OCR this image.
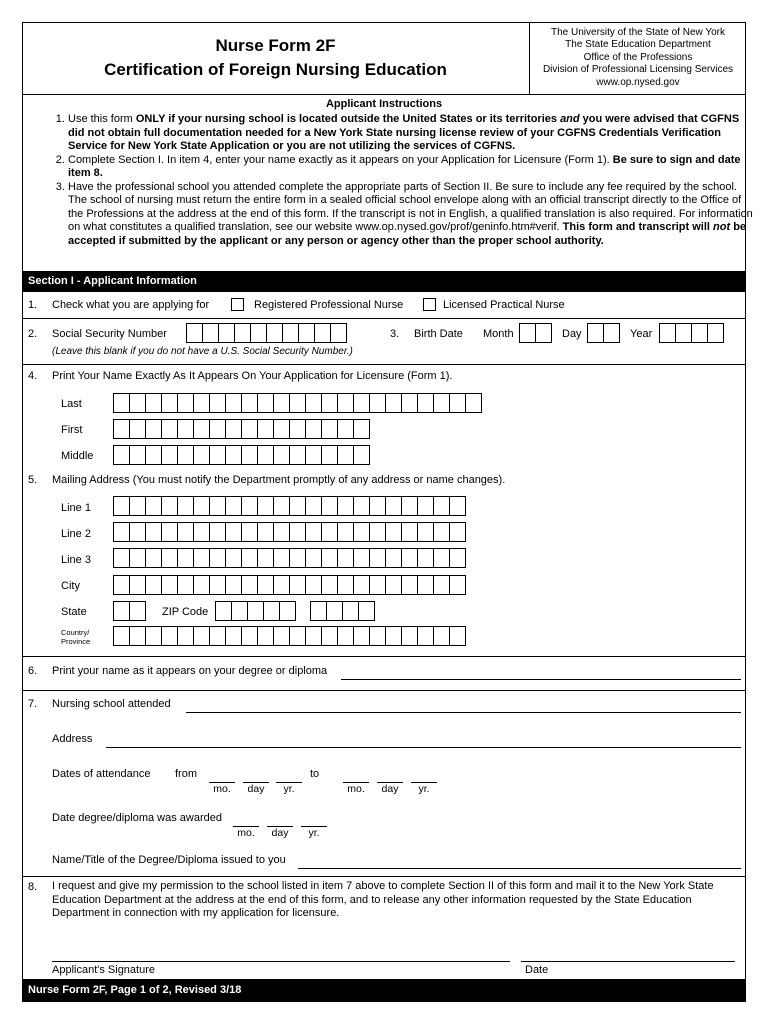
Nurse Form 2F
Certification of Foreign Nursing Education
The University of the State of New York
The State Education Department
Office of the Professions
Division of Professional Licensing Services
www.op.nysed.gov
Applicant Instructions
1. Use this form ONLY if your nursing school is located outside the United States or its territories and you were advised that CGFNS did not obtain full documentation needed for a New York State nursing license review of your CGFNS Credentials Verification Service for New York State Application or you are not utilizing the services of CGFNS.
2. Complete Section I. In item 4, enter your name exactly as it appears on your Application for Licensure (Form 1). Be sure to sign and date item 8.
3. Have the professional school you attended complete the appropriate parts of Section II. Be sure to include any fee required by the school. The school of nursing must return the entire form in a sealed official school envelope along with an official transcript directly to the Office of the Professions at the address at the end of this form. If the transcript is not in English, a qualified translation is also required. For information on what constitutes a qualified translation, see our website www.op.nysed.gov/prof/geninfo.htm#verif. This form and transcript will not be accepted if submitted by the applicant or any person or agency other than the proper school authority.
Section I - Applicant Information
1. Check what you are applying for	Registered Professional Nurse	Licensed Practical Nurse
2. Social Security Number
(Leave this blank if you do not have a U.S. Social Security Number.)
3. Birth Date Month	Day	Year
4. Print Your Name Exactly As It Appears On Your Application for Licensure (Form 1).
Last
First
Middle
5. Mailing Address (You must notify the Department promptly of any address or name changes).
Line 1
Line 2
Line 3
City
State	ZIP Code
Country/
Province
6. Print your name as it appears on your degree or diploma
7. Nursing school attended
Address
Dates of attendance from
mo.	day	yr.
to
mo.	day	yr.
Date degree/diploma was awarded
mo.	day	yr.
Name/Title of the Degree/Diploma issued to you
8. I request and give my permission to the school listed in item 7 above to complete Section II of this form and mail it to the New York State Education Department at the address at the end of this form, and to release any other information requested by the State Education Department in connection with my application for licensure.
Applicant's Signature	Date
Nurse Form 2F, Page 1 of 2, Revised 3/18
